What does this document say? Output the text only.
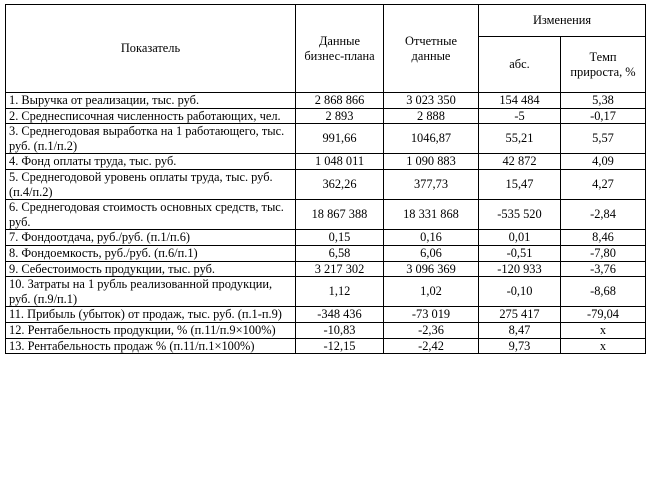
Показатель	Данные бизнес-плана	Отчетные данные	Изменения	
			абс.	Темп прироста, %
1. Выручка от реализации, тыс. руб.	2 868 866	3 023 350	154 484	5,38
2. Среднесписочная численность работающих, чел.	2 893	2 888	-5	-0,17
3. Среднегодовая выработка на 1 работающего, тыс. руб. (п.1/п.2)	991,66	1046,87	55,21	5,57
4. Фонд оплаты труда, тыс. руб.	1 048 011	1 090 883	42 872	4,09
5. Среднегодовой уровень оплаты труда, тыс. руб. (п.4/п.2)	362,26	377,73	15,47	4,27
6. Среднегодовая стоимость основных средств, тыс. руб.	18 867 388	18 331 868	-535 520	-2,84
7. Фондоотдача, руб./руб. (п.1/п.6)	0,15	0,16	0,01	8,46
8. Фондоемкость, руб./руб. (п.6/п.1)	6,58	6,06	-0,51	-7,80
9. Себестоимость продукции, тыс. руб.	3 217 302	3 096 369	-120 933	-3,76
10. Затраты на 1 рубль реализованной продукции, руб. (п.9/п.1)	1,12	1,02	-0,10	-8,68
11. Прибыль (убыток) от продаж, тыс. руб. (п.1-п.9)	-348 436	-73 019	275 417	-79,04
12. Рентабельность продукции, % (п.11/п.9×100%)	-10,83	-2,36	8,47	х
13. Рентабельность продаж % (п.11/п.1×100%)	-12,15	-2,42	9,73	х
